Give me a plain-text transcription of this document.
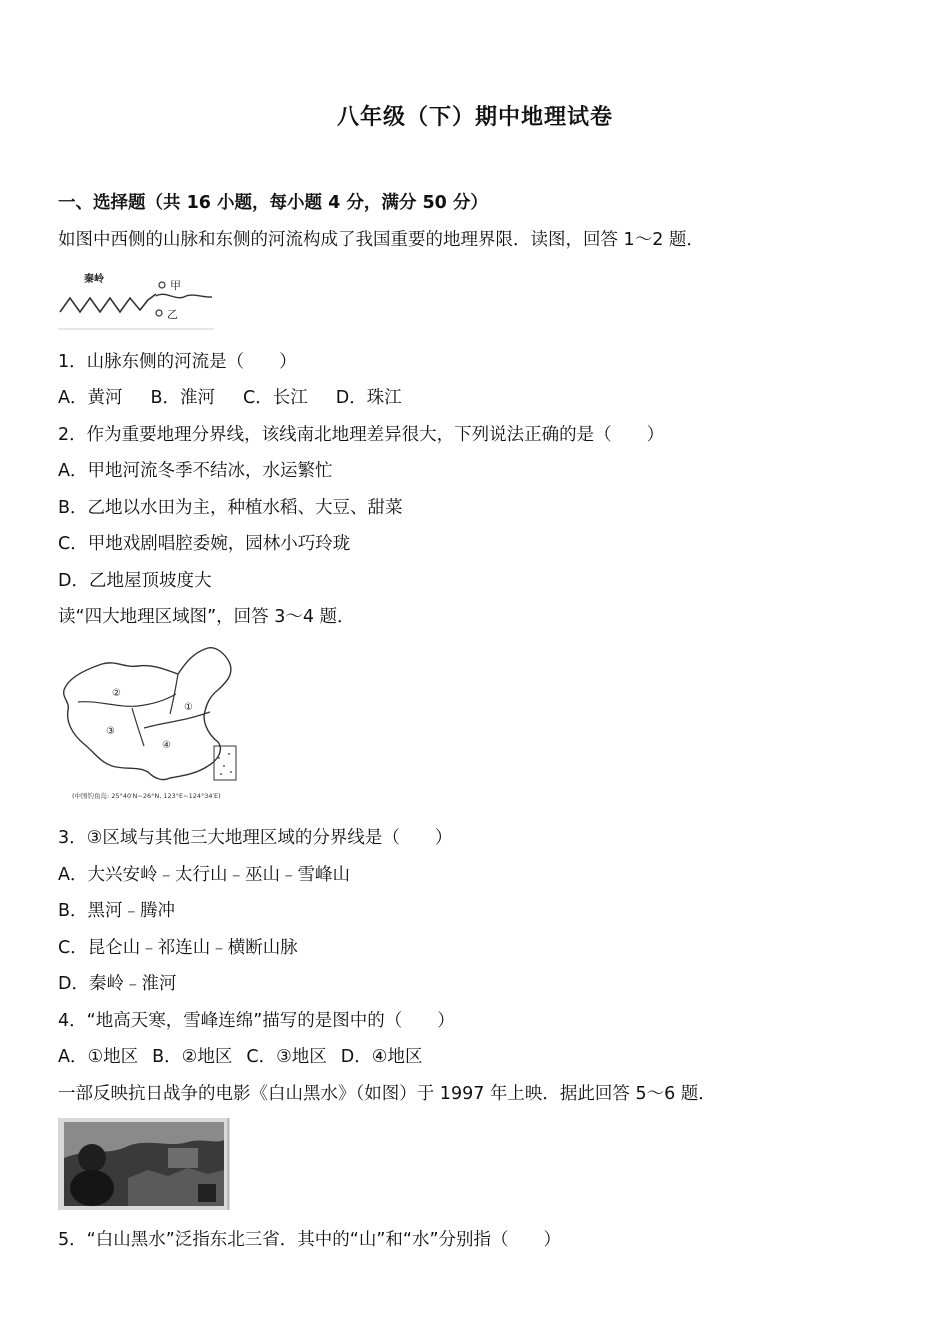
八年级（下）期中地理试卷
一、选择题（共 16 小题，每小题 4 分，满分 50 分）
如图中西侧的山脉和东侧的河流构成了我国重要的地理界限．读图，回答 1～2 题．
秦岭	甲
乙
1．山脉东侧的河流是（　　）
A．黄河 B．淮河 C．长江 D．珠江
2．作为重要地理分界线，该线南北地理差异很大，下列说法正确的是（　　）
A．甲地河流冬季不结冰，水运繁忙
B．乙地以水田为主，种植水稻、大豆、甜菜
C．甲地戏剧唱腔委婉，园林小巧玲珑
D．乙地屋顶坡度大
读“四大地理区域图”，回答 3～4 题．
①
②
③
④
(中国钓鱼岛: 25°40′N~26°N, 123°E~124°34′E)
3．③区域与其他三大地理区域的分界线是（　　）
A．大兴安岭﹣太行山﹣巫山﹣雪峰山
B．黑河﹣腾冲
C．昆仑山﹣祁连山﹣横断山脉
D．秦岭﹣淮河
4．“地高天寒，雪峰连绵”描写的是图中的（　　）
A．①地区 B．②地区 C．③地区 D．④地区
一部反映抗日战争的电影《白山黑水》（如图）于 1997 年上映．据此回答 5～6 题．
5．“白山黑水”泛指东北三省．其中的“山”和“水”分别指（　　）
